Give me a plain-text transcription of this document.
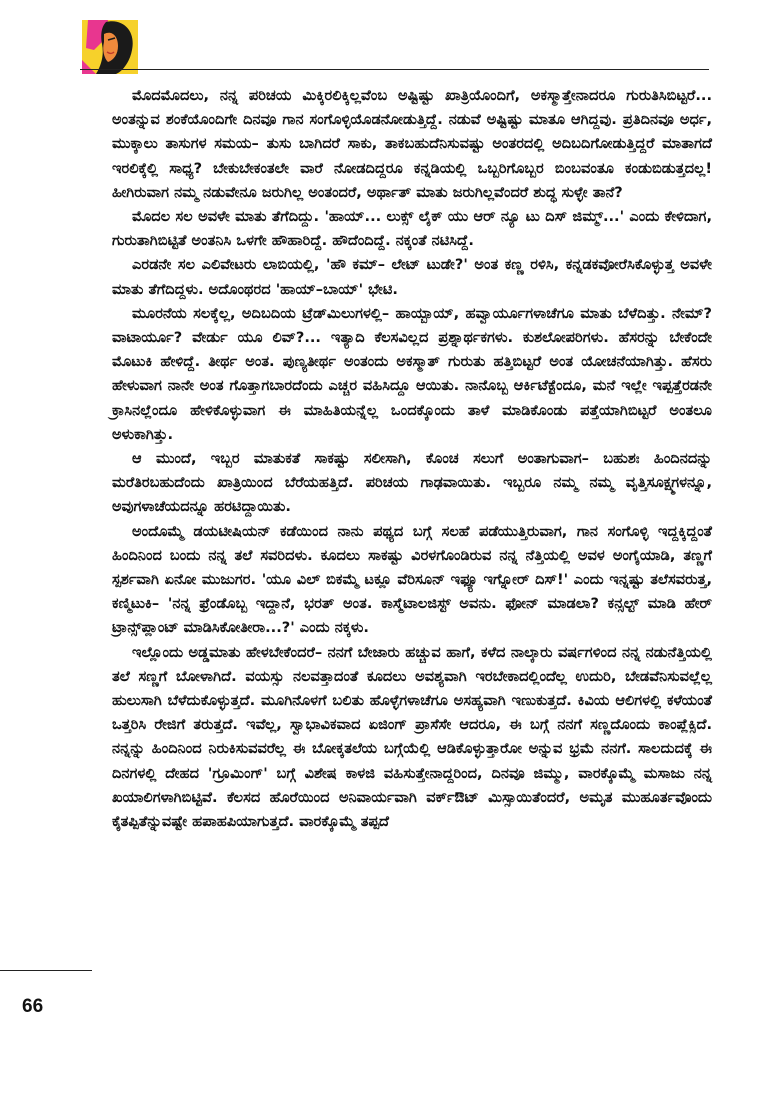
ಮೊದಮೊದಲು, ನನ್ನ ಪರಿಚಯ ಮಿಕ್ಕಿರಲಿಕ್ಕಿಲ್ಲವೆಂಬ ಅಷ್ಟಿಷ್ಟು ಖಾತ್ರಿಯೊಂದಿಗೆ, ಅಕಸ್ಮಾತ್ತೇನಾದರೂ ಗುರುತಿಸಿಬಿಟ್ಟರೆ... ಅಂತನ್ನುವ ಶಂಕೆಯೊಂದಿಗೇ ದಿನವೂ ಗಾನ ಸಂಗೊಳ್ಳಿಯೊಡನೋಡುತ್ತಿದ್ದೆ. ನಡುವೆ ಅಷ್ಟಿಷ್ಟು ಮಾತೂ ಆಗಿದ್ದವು. ಪ್ರತಿದಿನವೂ ಅರ್ಧ, ಮುಕ್ಕಾಲು ತಾಸುಗಳ ಸಮಯ– ತುಸು ಬಾಗಿದರೆ ಸಾಕು, ತಾಕಬಹುದೆನಿಸುವಷ್ಟು ಅಂತರದಲ್ಲಿ ಅದಿಬದಿಗೋಡುತ್ತಿದ್ದರೆ ಮಾತಾಗದೆ ಇರಲಿಕ್ಕೆಲ್ಲಿ ಸಾಧ್ಯ? ಬೇಕುಬೇಕಂತಲೇ ವಾರೆ ನೋಡದಿದ್ದರೂ ಕನ್ನಡಿಯಲ್ಲಿ ಒಬ್ಬರಿಗೊಬ್ಬರ ಬಿಂಬವಂತೂ ಕಂಡುಬಿಡುತ್ತದಲ್ಲ! ಹೀಗಿರುವಾಗ ನಮ್ಮ ನಡುವೇನೂ ಜರುಗಿಲ್ಲ ಅಂತಂದರೆ, ಅರ್ಥಾತ್ ಮಾತು ಜರುಗಿಲ್ಲವೆಂದರೆ ಶುದ್ಧ ಸುಳ್ಳೇ ತಾನೆ?

ಮೊದಲ ಸಲ ಅವಳೇ ಮಾತು ತೆಗೆದಿದ್ದು. 'ಹಾಯ್... ಲುಕ್ಸ್ ಲೈಕ್ ಯು ಆರ್ ನ್ಯೂ ಟು ದಿಸ್ ಜಿಮ್ಮ್...' ಎಂದು ಕೇಳಿದಾಗ, ಗುರುತಾಗಿಬಿಟ್ಟಿತೆ ಅಂತನಿಸಿ ಒಳಗೇ ಹೌಹಾರಿದ್ದೆ. ಹೌದೆಂದಿದ್ದೆ. ನಕ್ಕಂತೆ ನಟಿಸಿದ್ದೆ.

ಎರಡನೇ ಸಲ ಎಲಿವೇಟರು ಲಾಬಿಯಲ್ಲಿ, 'ಹೌ ಕಮ್– ಲೇಟ್ ಟುಡೇ?' ಅಂತ ಕಣ್ಣ ರಳಿಸಿ, ಕನ್ನಡಕವೋರೆಸಿಕೊಳ್ಳುತ್ತ ಅವಳೇ ಮಾತು ತೆಗೆದಿದ್ದಳು. ಅದೊಂಥರದ 'ಹಾಯ್–ಬಾಯ್' ಭೇಟಿ.

ಮೂರನೆಯ ಸಲಕ್ಕೆಲ್ಲ, ಅದಿಬದಿಯ ಟ್ರೆಡ್‌ಮಿಲುಗಳಲ್ಲಿ– ಹಾಯ್ಬಾಯ್, ಹವ್ವಾರ್ಯೂಗಳಾಚೆಗೂ ಮಾತು ಬೆಳೆದಿತ್ತು. ನೇಮ್? ವಾಟಾರ್ಯೂ? ವೇರ್ಡು ಯೂ ಲಿವ್?... ಇತ್ಯಾದಿ ಕೆಲಸವಿಲ್ಲದ ಪ್ರಶ್ನಾರ್ಥಕಗಳು. ಕುಶಲೋಪರಿಗಳು. ಹೆಸರನ್ನು ಬೇಕೆಂದೇ ಮೊಟುಕಿ ಹೇಳಿದ್ದೆ. ತೀರ್ಥ ಅಂತ. ಪುಣ್ಯತೀರ್ಥ ಅಂತಂದು ಅಕಸ್ಮಾತ್ ಗುರುತು ಹತ್ತಿಬಿಟ್ಟರೆ ಅಂತ ಯೋಚನೆಯಾಗಿತ್ತು. ಹೆಸರು ಹೇಳುವಾಗ ನಾನೇ ಅಂತ ಗೊತ್ತಾಗಬಾರದೆಂದು ಎಚ್ಚರ ವಹಿಸಿದ್ದೂ ಆಯಿತು. ನಾನೊಬ್ಬ ಆರ್ಕಿಟೆಕ್ಟೆಂದೂ, ಮನೆ ಇಲ್ಲೇ ಇಪ್ಪತ್ತೆರಡನೇ ಕ್ರಾಸಿನಲ್ಲೆಂದೂ ಹೇಳಿಕೊಳ್ಳುವಾಗ ಈ ಮಾಹಿತಿಯನ್ನೆಲ್ಲ ಒಂದಕ್ಕೊಂದು ತಾಳೆ ಮಾಡಿಕೊಂಡು ಪತ್ತೆಯಾಗಿಬಿಟ್ಟರೆ ಅಂತಲೂ ಅಳುಕಾಗಿತ್ತು.

ಆ ಮುಂದೆ, ಇಬ್ಬರ ಮಾತುಕತೆ ಸಾಕಷ್ಟು ಸಲೀಸಾಗಿ, ಕೊಂಚ ಸಲುಗೆ ಅಂತಾಗುವಾಗ– ಬಹುಶಃ ಹಿಂದಿನದನ್ನು ಮರೆತಿರಬಹುದೆಂದು ಖಾತ್ರಿಯಿಂದ ಬೆರೆಯಹತ್ತಿದೆ. ಪರಿಚಯ ಗಾಢವಾಯಿತು. ಇಬ್ಬರೂ ನಮ್ಮ ನಮ್ಮ ವೃತ್ತಿಸೂಕ್ಷ್ಮಗಳನ್ನೂ, ಅವುಗಳಾಚೆಯದನ್ನೂ ಹರಟಿದ್ದಾಯಿತು.

ಅಂದೊಮ್ಮೆ ಡಯಟೀಷಿಯನ್ ಕಡೆಯಿಂದ ನಾನು ಪಥ್ಯದ ಬಗ್ಗೆ ಸಲಹೆ ಪಡೆಯುತ್ತಿರುವಾಗ, ಗಾನ ಸಂಗೊಳ್ಳಿ ಇದ್ದಕ್ಕಿದ್ದಂತೆ ಹಿಂದಿನಿಂದ ಬಂದು ನನ್ನ ತಲೆ ಸವರಿದಳು. ಕೂದಲು ಸಾಕಷ್ಟು ವಿರಳಗೊಂಡಿರುವ ನನ್ನ ನೆತ್ತಿಯಲ್ಲಿ ಅವಳ ಅಂಗೈಯಾಡಿ, ತಣ್ಣಗೆ ಸ್ಪರ್ಶವಾಗಿ ಏನೋ ಮುಜುಗರ. 'ಯೂ ವಿಲ್ ಬಿಕಮ್ಮೆ ಟಕ್ಲೂ ವೆರಿಸೂನ್ ಇಫ್ಯೂ ಇಗ್ನೋರ್ ದಿಸ್!' ಎಂದು ಇನ್ನಷ್ಟು ತಲೆಸವರುತ್ತ, ಕಣ್ಮಿಟುಕಿ– 'ನನ್ನ ಫ್ರೆಂಡೊಬ್ಬ ಇದ್ದಾನೆ, ಭರತ್ ಅಂತ. ಕಾಸ್ಮೆಟಾಲಜಿಸ್ಟ್ ಅವನು. ಫೋನ್ ಮಾಡಲಾ? ಕನ್ಸಲ್ಟ್ ಮಾಡಿ ಹೇರ್ ಟ್ರಾನ್ಸ್‌ಪ್ಲಾಂಟ್ ಮಾಡಿಸಿಕೋತೀರಾ...?' ಎಂದು ನಕ್ಕಳು.

ಇಲ್ಲೊಂದು ಅಡ್ಡಮಾತು ಹೇಳಬೇಕೆಂದರೆ– ನನಗೆ ಬೇಜಾರು ಹಚ್ಚುವ ಹಾಗೆ, ಕಳೆದ ನಾಲ್ಕಾರು ವರ್ಷಗಳಿಂದ ನನ್ನ ನಡುನೆತ್ತಿಯಲ್ಲಿ ತಲೆ ಸಣ್ಣಗೆ ಬೋಳಾಗಿದೆ. ವಯಸ್ಸು ನಲವತ್ತಾದಂತೆ ಕೂದಲು ಅವಶ್ಯವಾಗಿ ಇರಬೇಕಾದಲ್ಲಿಂದೆಲ್ಲ ಉದುರಿ, ಬೇಡವೆನಿಸುವಲ್ಲೆಲ್ಲ ಹುಲುಸಾಗಿ ಬೆಳೆದುಕೊಳ್ಳುತ್ತದೆ. ಮೂಗಿನೊಳಗೆ ಬಲಿತು ಹೊಳ್ಳೆಗಳಾಚೆಗೂ ಅಸಹ್ಯವಾಗಿ ಇಣುಕುತ್ತದೆ. ಕಿವಿಯ ಆಲಿಗಳಲ್ಲಿ ಕಳೆಯಂತೆ ಒತ್ತರಿಸಿ ರೇಜಿಗೆ ತರುತ್ತದೆ. ಇವೆಲ್ಲ, ಸ್ವಾಭಾವಿಕವಾದ ಏಜಿಂಗ್ ಪ್ರಾಸೆಸೇ ಆದರೂ, ಈ ಬಗ್ಗೆ ನನಗೆ ಸಣ್ಣದೊಂದು ಕಾಂಪ್ಲೆಕ್ಸಿದೆ. ನನ್ನನ್ನು ಹಿಂದಿನಿಂದ ನಿರುಕಿಸುವವರೆಲ್ಲ ಈ ಬೋಕ್ಕತಲೆಯ ಬಗ್ಗೆಯೆಲ್ಲಿ ಆಡಿಕೊಳ್ಳುತ್ತಾರೋ ಅನ್ನುವ ಭ್ರಮೆ ನನಗೆ. ಸಾಲದುದಕ್ಕೆ ಈ ದಿನಗಳಲ್ಲಿ ದೇಹದ 'ಗ್ರೂಮಿಂಗ್' ಬಗ್ಗೆ ವಿಶೇಷ ಕಾಳಜಿ ವಹಿಸುತ್ತೇನಾದ್ದರಿಂದ, ದಿನವೂ ಜಿಮ್ಮು, ವಾರಕ್ಕೊಮ್ಮೆ ಮಸಾಜು ನನ್ನ ಖಯಾಲಿಗಳಾಗಿಬಿಟ್ಟಿವೆ. ಕೆಲಸದ ಹೊರೆಯಿಂದ ಅನಿವಾರ್ಯವಾಗಿ ವರ್ಕ್‌ಔಟ್ ಮಿಸ್ಸಾಯಿತೆಂದರೆ, ಅಮೃತ ಮುಹೂರ್ತವೊಂದು ಕೈತಪ್ಪಿತೆನ್ನುವಷ್ಟೇ ಹಪಾಹಪಿಯಾಗುತ್ತದೆ. ವಾರಕ್ಕೊಮ್ಮೆ ತಪ್ಪದೆ

66
